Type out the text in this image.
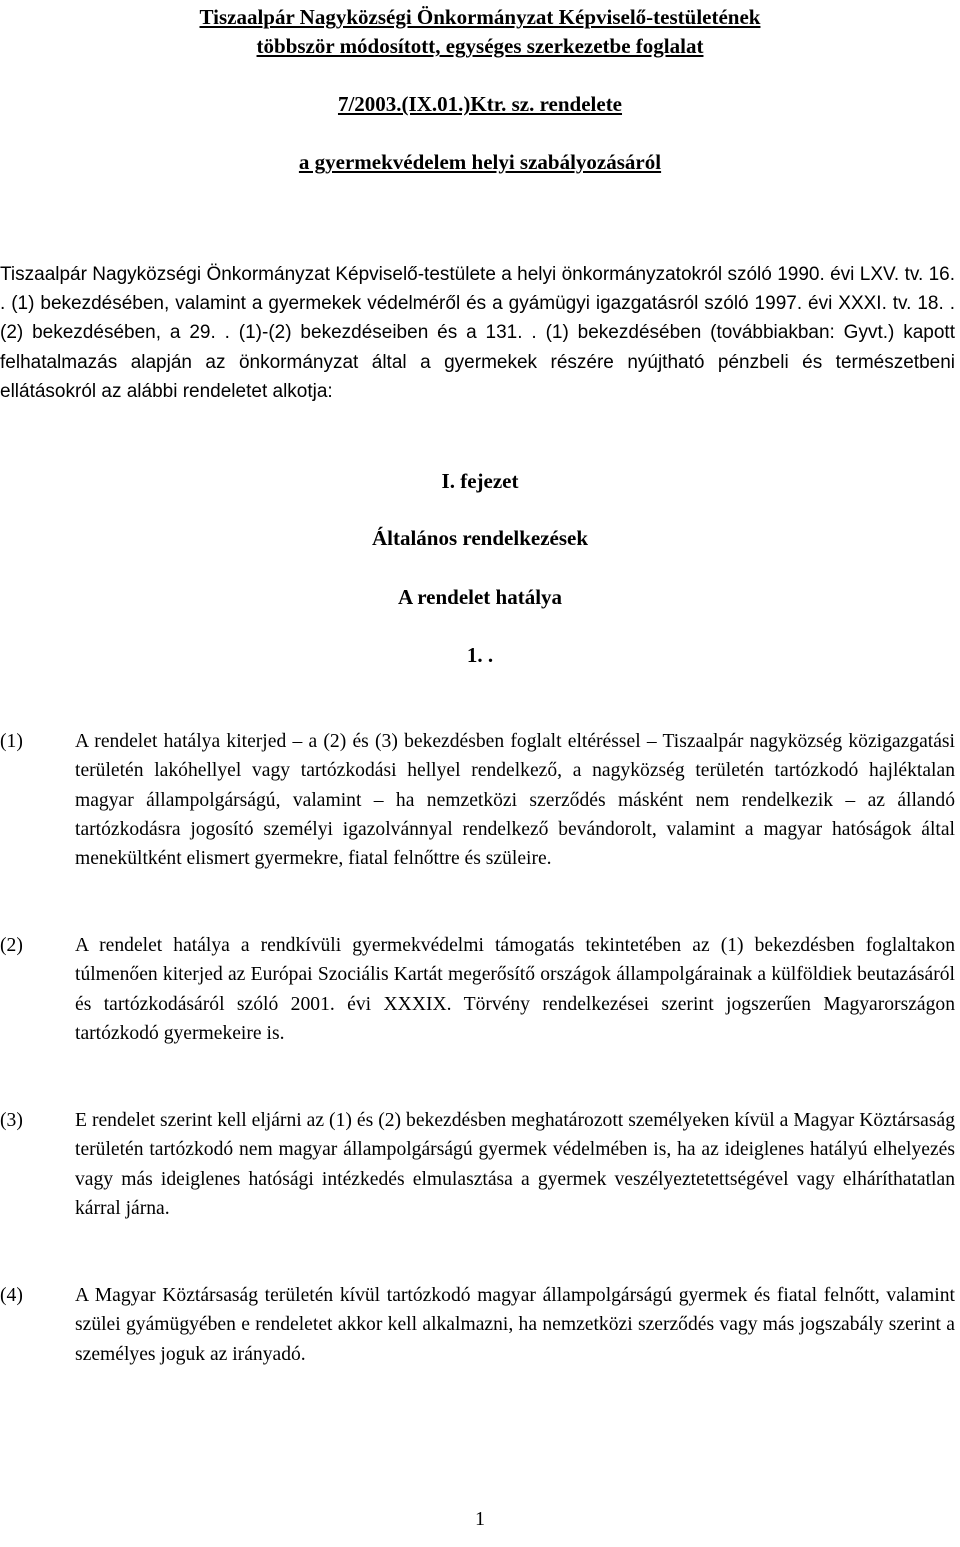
Tiszaalpár Nagyközségi Önkormányzat Képviselő-testületének
többször módosított, egységes szerkezetbe foglalat
7/2003.(IX.01.)Ktr. sz. rendelete
a gyermekvédelem helyi szabályozásáról
Tiszaalpár Nagyközségi Önkormányzat Képviselő-testülete a helyi önkormányzatokról szóló 1990. évi LXV. tv. 16. . (1) bekezdésében, valamint a gyermekek védelméről és a gyámügyi igazgatásról szóló 1997. évi XXXI. tv. 18. . (2) bekezdésében, a 29. . (1)-(2) bekezdéseiben és a 131. . (1) bekezdésében (továbbiakban: Gyvt.) kapott felhatalmazás alapján az önkormányzat által a gyermekek részére nyújtható pénzbeli és természetbeni ellátásokról az alábbi rendeletet alkotja:
I. fejezet
Általános rendelkezések
A rendelet hatálya
1. .
(1)	A rendelet hatálya kiterjed – a (2) és (3) bekezdésben foglalt eltéréssel – Tiszaalpár nagyközség közigazgatási területén lakóhellyel vagy tartózkodási hellyel rendelkező, a nagyközség területén tartózkodó hajléktalan magyar állampolgárságú, valamint – ha nemzetközi szerződés másként nem rendelkezik – az állandó tartózkodásra jogosító személyi igazolvánnyal rendelkező bevándorolt, valamint a magyar hatóságok által menekültként elismert gyermekre, fiatal felnőttre és szüleire.
(2)	A rendelet hatálya a rendkívüli gyermekvédelmi támogatás tekintetében az (1) bekezdésben foglaltakon túlmenően kiterjed az Európai Szociális Kartát megerősítő országok állampolgárainak a külföldiek beutazásáról és tartózkodásáról szóló 2001. évi XXXIX. Törvény rendelkezései szerint jogszerűen Magyarországon tartózkodó gyermekeire is.
(3)	E rendelet szerint kell eljárni az (1) és (2) bekezdésben meghatározott személyeken kívül a Magyar Köztársaság területén tartózkodó nem magyar állampolgárságú gyermek védelmében is, ha az ideiglenes hatályú elhelyezés vagy más ideiglenes hatósági intézkedés elmulasztása a gyermek veszélyeztetettségével vagy elháríthatatlan kárral járna.
(4)	A Magyar Köztársaság területén kívül tartózkodó magyar állampolgárságú gyermek és fiatal felnőtt, valamint szülei gyámügyében e rendeletet akkor kell alkalmazni, ha nemzetközi szerződés vagy más jogszabály szerint a személyes joguk az irányadó.
1
